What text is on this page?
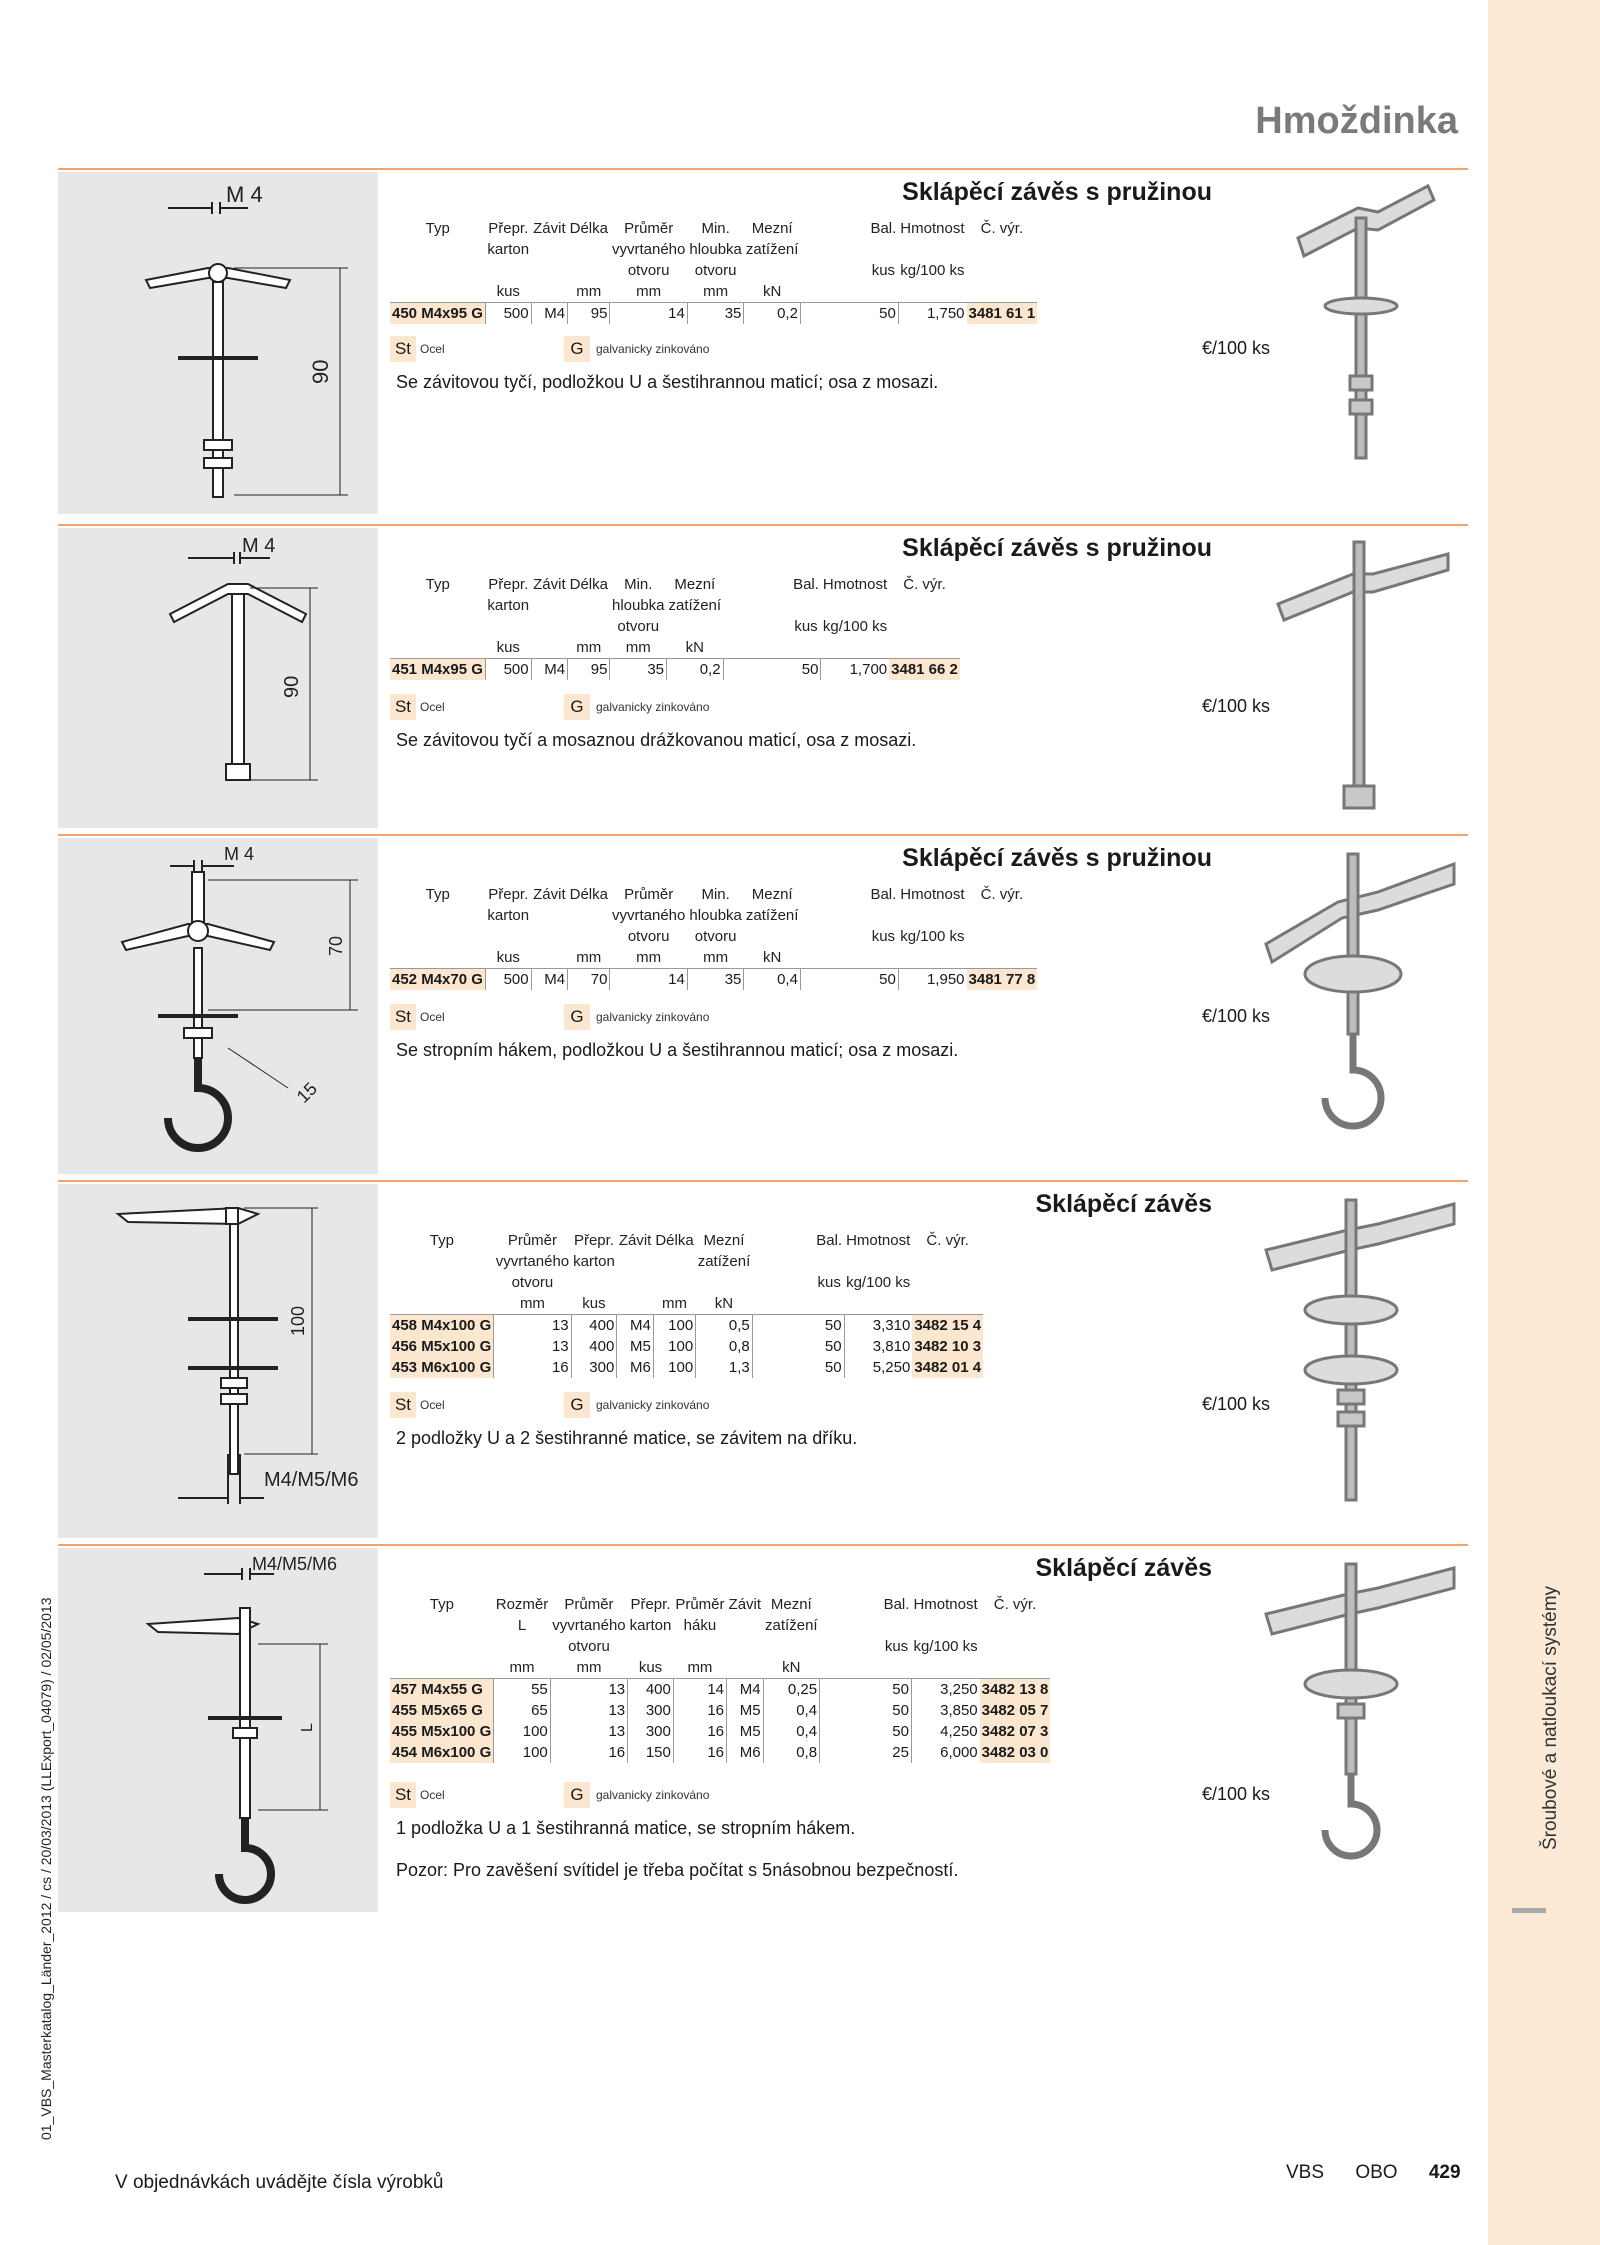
Šroubové a natloukací systémy
01_VBS_Masterkatalog_Länder_2012 / cs / 20/03/2013 (LLExport_04079) / 02/05/2013
Hmoždinka
M 4
90
Sklápěcí závěs s pružinou
Typ	Přepr.	Závit	Délka	Průměr	Min.	Mezní	Bal.	Hmotnost	Č. výr.
	karton			vyvrtaného	hloubka	zatížení			
				otvoru	otvoru		kus	kg/100 ks	
	kus		mm	mm	mm	kN			
450 M4x95 G	500	M4	95	14	35	0,2	50	1,750	3481 61 1
St Ocel	G	galvanicky zinkováno	€/100 ks
Se závitovou tyčí, podložkou U a šestihrannou maticí; osa z mosazi.
M 4
90
Sklápěcí závěs s pružinou
Typ	Přepr.	Závit	Délka	Min.	Mezní	Bal.	Hmotnost	Č. výr.
	karton			hloubka	zatížení			
				otvoru		kus	kg/100 ks	
	kus		mm	mm	kN			
451 M4x95 G	500	M4	95	35	0,2	50	1,700	3481 66 2
St Ocel	G	galvanicky zinkováno	€/100 ks
Se závitovou tyčí a mosaznou drážkovanou maticí, osa z mosazi.
M 4
70
15
Sklápěcí závěs s pružinou
Typ	Přepr.	Závit	Délka	Průměr	Min.	Mezní	Bal.	Hmotnost	Č. výr.
	karton			vyvrtaného	hloubka	zatížení			
				otvoru	otvoru		kus	kg/100 ks	
	kus		mm	mm	mm	kN			
452 M4x70 G	500	M4	70	14	35	0,4	50	1,950	3481 77 8
St Ocel	G	galvanicky zinkováno	€/100 ks
Se stropním hákem, podložkou U a šestihrannou maticí; osa z mosazi.
100
M4/M5/M6
Sklápěcí závěs
Typ	Průměr	Přepr.	Závit	Délka	Mezní	Bal.	Hmotnost	Č. výr.
	vyvrtaného	karton			zatížení			
	otvoru					kus	kg/100 ks	
	mm	kus		mm	kN			
458 M4x100 G	13	400	M4	100	0,5	50	3,310	3482 15 4
456 M5x100 G	13	400	M5	100	0,8	50	3,810	3482 10 3
453 M6x100 G	16	300	M6	100	1,3	50	5,250	3482 01 4
St Ocel	G	galvanicky zinkováno	€/100 ks
2 podložky U a 2 šestihranné matice, se závitem na dříku.
M4/M5/M6
L
Sklápěcí závěs
Typ	Rozměr	Průměr	Přepr.	Průměr	Závit	Mezní	Bal.	Hmotnost	Č. výr.
	L	vyvrtaného	karton	háku		zatížení			
		otvoru					kus	kg/100 ks	
	mm	mm	kus	mm		kN			
457 M4x55 G	55	13	400	14	M4	0,25	50	3,250	3482 13 8
455 M5x65 G	65	13	300	16	M5	0,4	50	3,850	3482 05 7
455 M5x100 G	100	13	300	16	M5	0,4	50	4,250	3482 07 3
454 M6x100 G	100	16	150	16	M6	0,8	25	6,000	3482 03 0
St Ocel	G	galvanicky zinkováno	€/100 ks
1 podložka U a 1 šestihranná matice, se stropním hákem.
Pozor: Pro zavěšení svítidel je třeba počítat s 5násobnou bezpečností.
V objednávkách uvádějte čísla výrobků	VBS OBO 429
